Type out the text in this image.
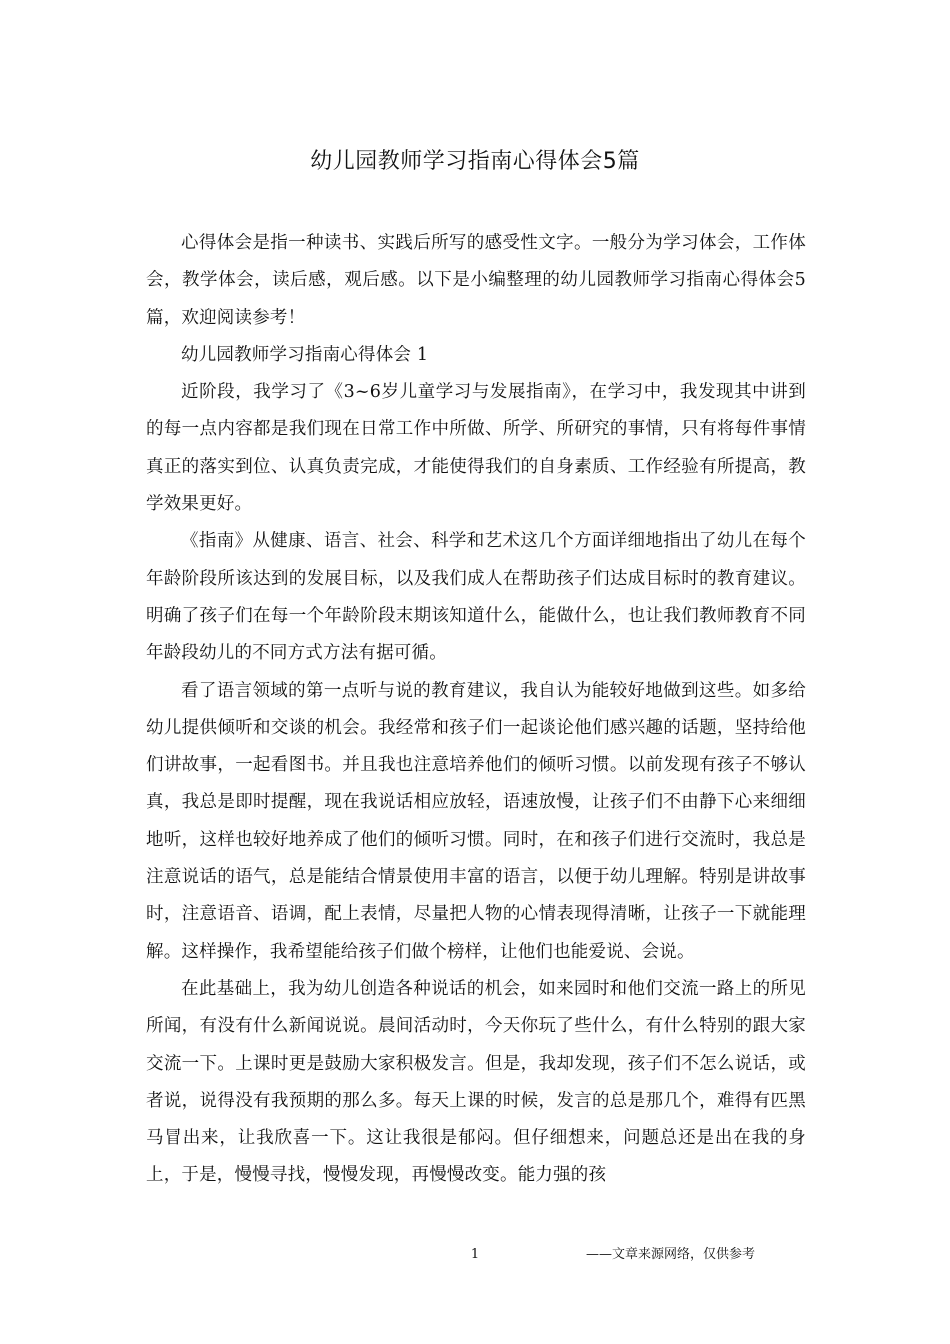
幼儿园教师学习指南心得体会5篇

心得体会是指一种读书、实践后所写的感受性文字。一般分为学习体会，工作体会，教学体会，读后感，观后感。以下是小编整理的幼儿园教师学习指南心得体会5篇，欢迎阅读参考！

幼儿园教师学习指南心得体会 1

近阶段，我学习了《3~6岁儿童学习与发展指南》，在学习中，我发现其中讲到的每一点内容都是我们现在日常工作中所做、所学、所研究的事情，只有将每件事情真正的落实到位、认真负责完成，才能使得我们的自身素质、工作经验有所提高，教学效果更好。

《指南》从健康、语言、社会、科学和艺术这几个方面详细地指出了幼儿在每个年龄阶段所该达到的发展目标，以及我们成人在帮助孩子们达成目标时的教育建议。明确了孩子们在每一个年龄阶段末期该知道什么，能做什么，也让我们教师教育不同年龄段幼儿的不同方式方法有据可循。

看了语言领域的第一点听与说的教育建议，我自认为能较好地做到这些。如多给幼儿提供倾听和交谈的机会。我经常和孩子们一起谈论他们感兴趣的话题，坚持给他们讲故事，一起看图书。并且我也注意培养他们的倾听习惯。以前发现有孩子不够认真，我总是即时提醒，现在我说话相应放轻，语速放慢，让孩子们不由静下心来细细地听，这样也较好地养成了他们的倾听习惯。同时，在和孩子们进行交流时，我总是注意说话的语气，总是能结合情景使用丰富的语言，以便于幼儿理解。特别是讲故事时，注意语音、语调，配上表情，尽量把人物的心情表现得清晰，让孩子一下就能理解。这样操作，我希望能给孩子们做个榜样，让他们也能爱说、会说。

在此基础上，我为幼儿创造各种说话的机会，如来园时和他们交流一路上的所见所闻，有没有什么新闻说说。晨间活动时，今天你玩了些什么，有什么特别的跟大家交流一下。上课时更是鼓励大家积极发言。但是，我却发现，孩子们不怎么说话，或者说，说得没有我预期的那么多。每天上课的时候，发言的总是那几个，难得有匹黑马冒出来，让我欣喜一下。这让我很是郁闷。但仔细想来，问题总还是出在我的身上，于是，慢慢寻找，慢慢发现，再慢慢改变。能力强的孩

1	——文章来源网络，仅供参考
